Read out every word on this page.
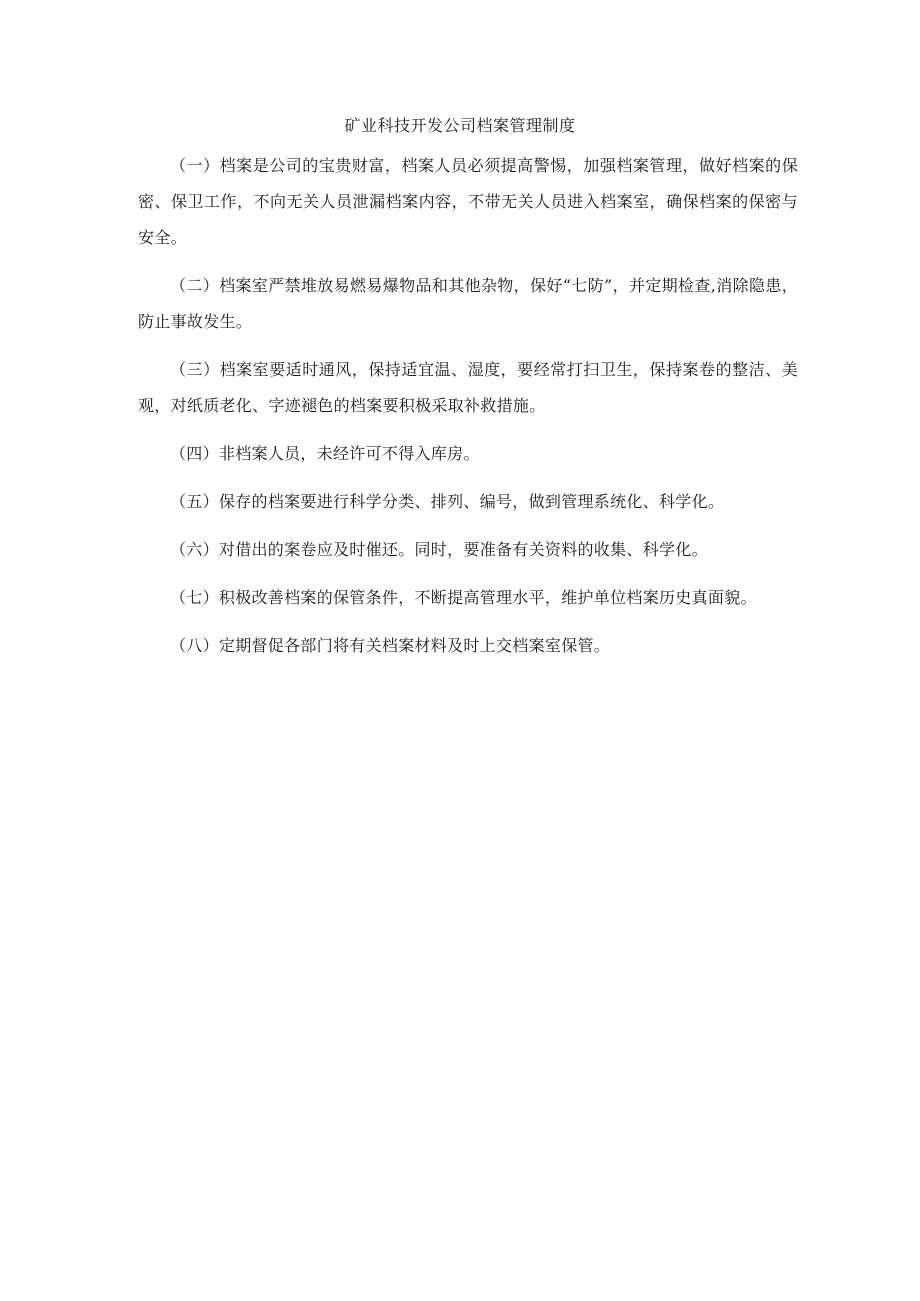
矿业科技开发公司档案管理制度

（一）档案是公司的宝贵财富，档案人员必须提高警惕，加强档案管理，做好档案的保密、保卫工作，不向无关人员泄漏档案内容，不带无关人员进入档案室，确保档案的保密与安全。

（二）档案室严禁堆放易燃易爆物品和其他杂物，保好“七防”，并定期检查,消除隐患，防止事故发生。

（三）档案室要适时通风，保持适宜温、湿度，要经常打扫卫生，保持案卷的整洁、美观，对纸质老化、字迹褪色的档案要积极采取补救措施。

（四）非档案人员，未经许可不得入库房。

（五）保存的档案要进行科学分类、排列、编号，做到管理系统化、科学化。

（六）对借出的案卷应及时催还。同时，要准备有关资料的收集、科学化。

（七）积极改善档案的保管条件，不断提高管理水平，维护单位档案历史真面貌。

（八）定期督促各部门将有关档案材料及时上交档案室保管。
